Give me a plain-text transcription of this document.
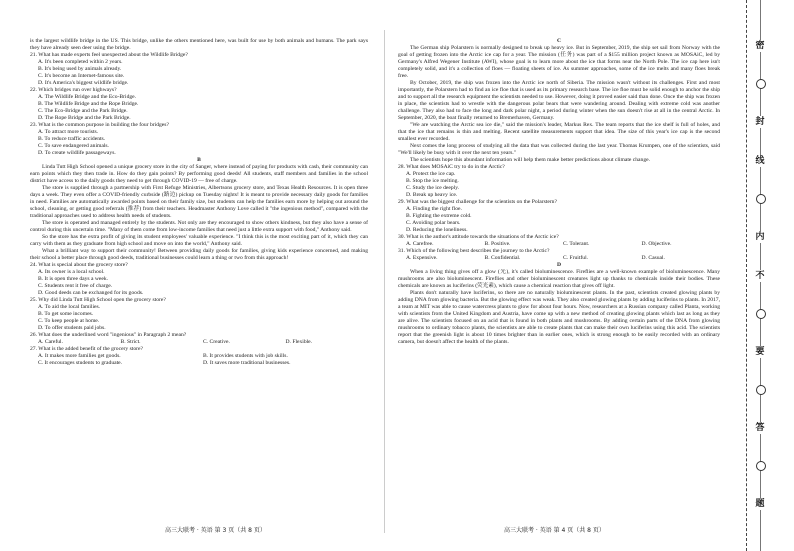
is the largest wildlife bridge in the US. This bridge, unlike the others mentioned here, was built for use by both animals and humans. The park says they have already seen deer using the bridge.

21. What has made experts feel unexpected about the Wildlife Bridge?

A. It's been completed within 2 years.

B. It's being used by animals already.

C. It's become an Internet-famous site.

D. It's America's biggest wildlife bridge.

22. Which bridges run over highways?

A. The Wildlife Bridge and the Eco-Bridge.

B. The Wildlife Bridge and the Rope Bridge.

C. The Eco-Bridge and the Park Bridge.

D. The Rope Bridge and the Park Bridge.

23. What is the common purpose in building the four bridges?

A. To attract more tourists.

B. To reduce traffic accidents.

C. To save endangered animals.

D. To create wildlife passageways.

B

Linda Tutt High School opened a unique grocery store in the city of Sanger, where instead of paying for products with cash, their community can earn points which they then trade in. How do they gain points? By performing good deeds! All students, staff members and families in the school district have access to the daily goods they need to get through COVID-19 — free of charge.

The store is supplied through a partnership with First Refuge Ministries, Albertsons grocery store, and Texas Health Resources. It is open three days a week. They even offer a COVID-friendly curbside (路边) pickup on Tuesday nights! It is meant to provide necessary daily goods for families in need. Families are automatically awarded points based on their family size, but students can help the families earn more by helping out around the school, cleaning, or getting good referrals (推荐) from their teachers. Headmaster Anthony Love called it "the ingenious method", compared with the traditional approaches used to address health needs of students.

The store is operated and managed entirely by the students. Not only are they encouraged to show others kindness, but they also have a sense of control during this uncertain time. "Many of them come from low-income families that need just a little extra support with food," Anthony said.

So the store has the extra profit of giving its student employees' valuable experience. "I think this is the most exciting part of it, which they can carry with them as they graduate from high school and move on into the world," Anthony said.

What a brilliant way to support their community! Between providing daily goods for families, giving kids experience concerned, and making their school a better place through good deeds, traditional businesses could learn a thing or two from this approach!

24. What is special about the grocery store?

A. Its owner is a local school.

B. It is open three days a week.

C. Students rent it free of charge.

D. Good deeds can be exchanged for its goods.

25. Why did Linda Tutt High School open the grocery store?

A. To aid the local families.

B. To get some incomes.

C. To keep people at home.

D. To offer students paid jobs.

26. What does the underlined word "ingenious" in Paragraph 2 mean?

A. Careful.	B. Strict.	C. Creative.	D. Flexible.

27. What is the added benefit of the grocery store?

A. It makes more families get goods.	B. It provides students with job skills.
C. It encourages students to graduate.	D. It saves more traditional businesses.

C

The German ship Polarstern is normally designed to break up heavy ice. But in September, 2019, the ship set sail from Norway with the goal of getting frozen into the Arctic ice cap for a year. The mission (任务) was part of a $155 million project known as MOSAiC, led by Germany's Alfred Wegener Institute (AWI), whose goal is to learn more about the ice that forms near the North Pole. The ice cap here isn't completely solid, and it's a collection of floes — floating sheets of ice. As summer approaches, some of the ice melts and many floes break free.

By October, 2019, the ship was frozen into the Arctic ice north of Siberia. The mission wasn't without its challenges. First and most importantly, the Polarstern had to find an ice floe that is used as its primary research base. The ice floe must be solid enough to anchor the ship and to support all the research equipment the scientists needed to use. However, doing it proved easier said than done. Once the ship was frozen in place, the scientists had to wrestle with the dangerous polar bears that were wandering around. Dealing with extreme cold was another challenge. They also had to face the long and dark polar night, a period during winter when the sun doesn't rise at all in the central Arctic. In September, 2020, the boat finally returned to Bremerhaven, Germany.

"We are watching the Arctic sea ice die," said the mission's leader, Markus Rex. The team reports that the ice shelf is full of holes, and that the ice that remains is thin and melting. Recent satellite measurements support that idea. The size of this year's ice cap is the second smallest ever recorded.

Next comes the long process of studying all the data that was collected during the last year. Thomas Krumpen, one of the scientists, said "We'll likely be busy with it over the next ten years."

The scientists hope this abundant information will help them make better predictions about climate change.

28. What does MOSAiC try to do in the Arctic?

A. Protect the ice cap.

B. Stop the ice melting.

C. Study the ice deeply.

D. Break up heavy ice.

29. What was the biggest challenge for the scientists on the Polarstern?

A. Finding the right floe.

B. Fighting the extreme cold.

C. Avoiding polar bears.

D. Reducing the loneliness.

30. What is the author's attitude towards the situations of the Arctic ice?

A. Carefree.	B. Positive.	C. Tolerant.	D. Objective.

31. Which of the following best describes the journey to the Arctic?

A. Expensive.	B. Confidential.	C. Fruitful.	D. Casual.

D

When a living thing gives off a glow (光), it's called bioluminescence. Fireflies are a well-known example of bioluminescence. Many mushrooms are also bioluminescent. Fireflies and other bioluminescent creatures light up thanks to chemicals inside their bodies. These chemicals are known as luciferins (荧光素), which cause a chemical reaction that gives off light.

Plants don't naturally have luciferins, so there are no naturally bioluminescent plants. In the past, scientists created glowing plants by adding DNA from glowing bacteria. But the glowing effect was weak. They also created glowing plants by adding luciferins to plants. In 2017, a team at MIT was able to cause watercress plants to glow for about four hours. Now, researchers at a Russian company called Planta, working with scientists from the United Kingdom and Austria, have come up with a new method of creating glowing plants which last as long as they are alive. The scientists focused on an acid that is found in both plants and mushrooms. By adding certain parts of the DNA from glowing mushrooms to ordinary tobacco plants, the scientists are able to create plants that can make their own luciferins using this acid. The scientists report that the greenish light is about 10 times brighter than in earlier ones, which is strong enough to be easily recorded with an ordinary camera, but doesn't affect the health of the plants.

高三大联考 · 英语 第 3 页（共 8 页）	高三大联考 · 英语 第 4 页（共 8 页）
密
封
线
内
不
要
答
题
